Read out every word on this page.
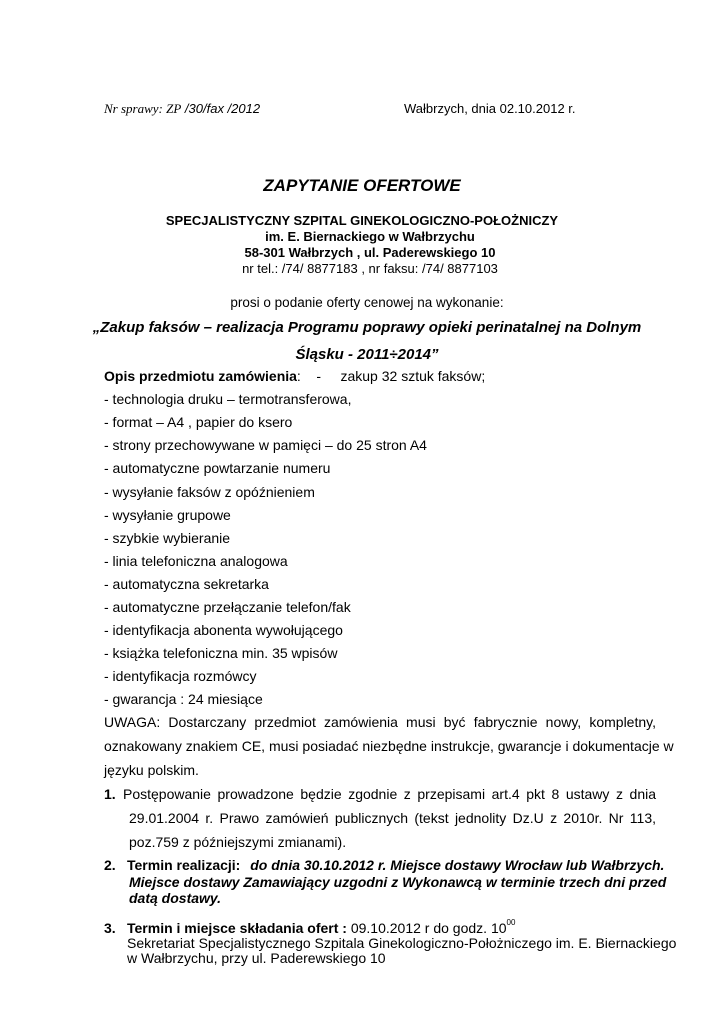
Nr sprawy: ZP /30/fax /2012	Wałbrzych, dnia 02.10.2012 r.
ZAPYTANIE OFERTOWE
SPECJALISTYCZNY SZPITAL GINEKOLOGICZNO-POŁOŻNICZY
im. E. Biernackiego w Wałbrzychu
58-301 Wałbrzych , ul. Paderewskiego 10
nr tel.: /74/ 8877183 , nr faksu: /74/ 8877103
prosi o podanie oferty cenowej na wykonanie:
„Zakup faksów – realizacja Programu poprawy opieki perinatalnej na Dolnym
Śląsku - 2011÷2014”
Opis przedmiotu zamówienia:    -     zakup 32 sztuk faksów;
- technologia druku – termotransferowa,
- format – A4 , papier do ksero
- strony przechowywane w pamięci – do 25 stron A4
- automatyczne powtarzanie numeru
- wysyłanie faksów z opóźnieniem
- wysyłanie grupowe
- szybkie wybieranie
- linia telefoniczna analogowa
- automatyczna sekretarka
- automatyczne przełączanie telefon/fak
- identyfikacja abonenta wywołującego
- książka telefoniczna min. 35 wpisów
- identyfikacja rozmówcy
- gwarancja : 24 miesiące
UWAGA: Dostarczany przedmiot zamówienia musi być fabrycznie nowy, kompletny,
oznakowany znakiem CE, musi posiadać niezbędne instrukcje, gwarancje i dokumentacje w
języku polskim.
1. Postępowanie prowadzone będzie zgodnie z przepisami art.4 pkt 8 ustawy z dnia
29.01.2004 r. Prawo zamówień publicznych (tekst jednolity Dz.U z 2010r. Nr 113,
poz.759 z późniejszymi zmianami).
2. Termin realizacji: do dnia 30.10.2012 r. Miejsce dostawy Wrocław lub Wałbrzych.
Miejsce dostawy Zamawiający uzgodni z Wykonawcą w terminie trzech dni przed
datą dostawy.
3. Termin i miejsce składania ofert : 09.10.2012 r do godz. $10^{00}$
Sekretariat Specjalistycznego Szpitala Ginekologiczno-Położniczego im. E. Biernackiego
w Wałbrzychu, przy ul. Paderewskiego 10
